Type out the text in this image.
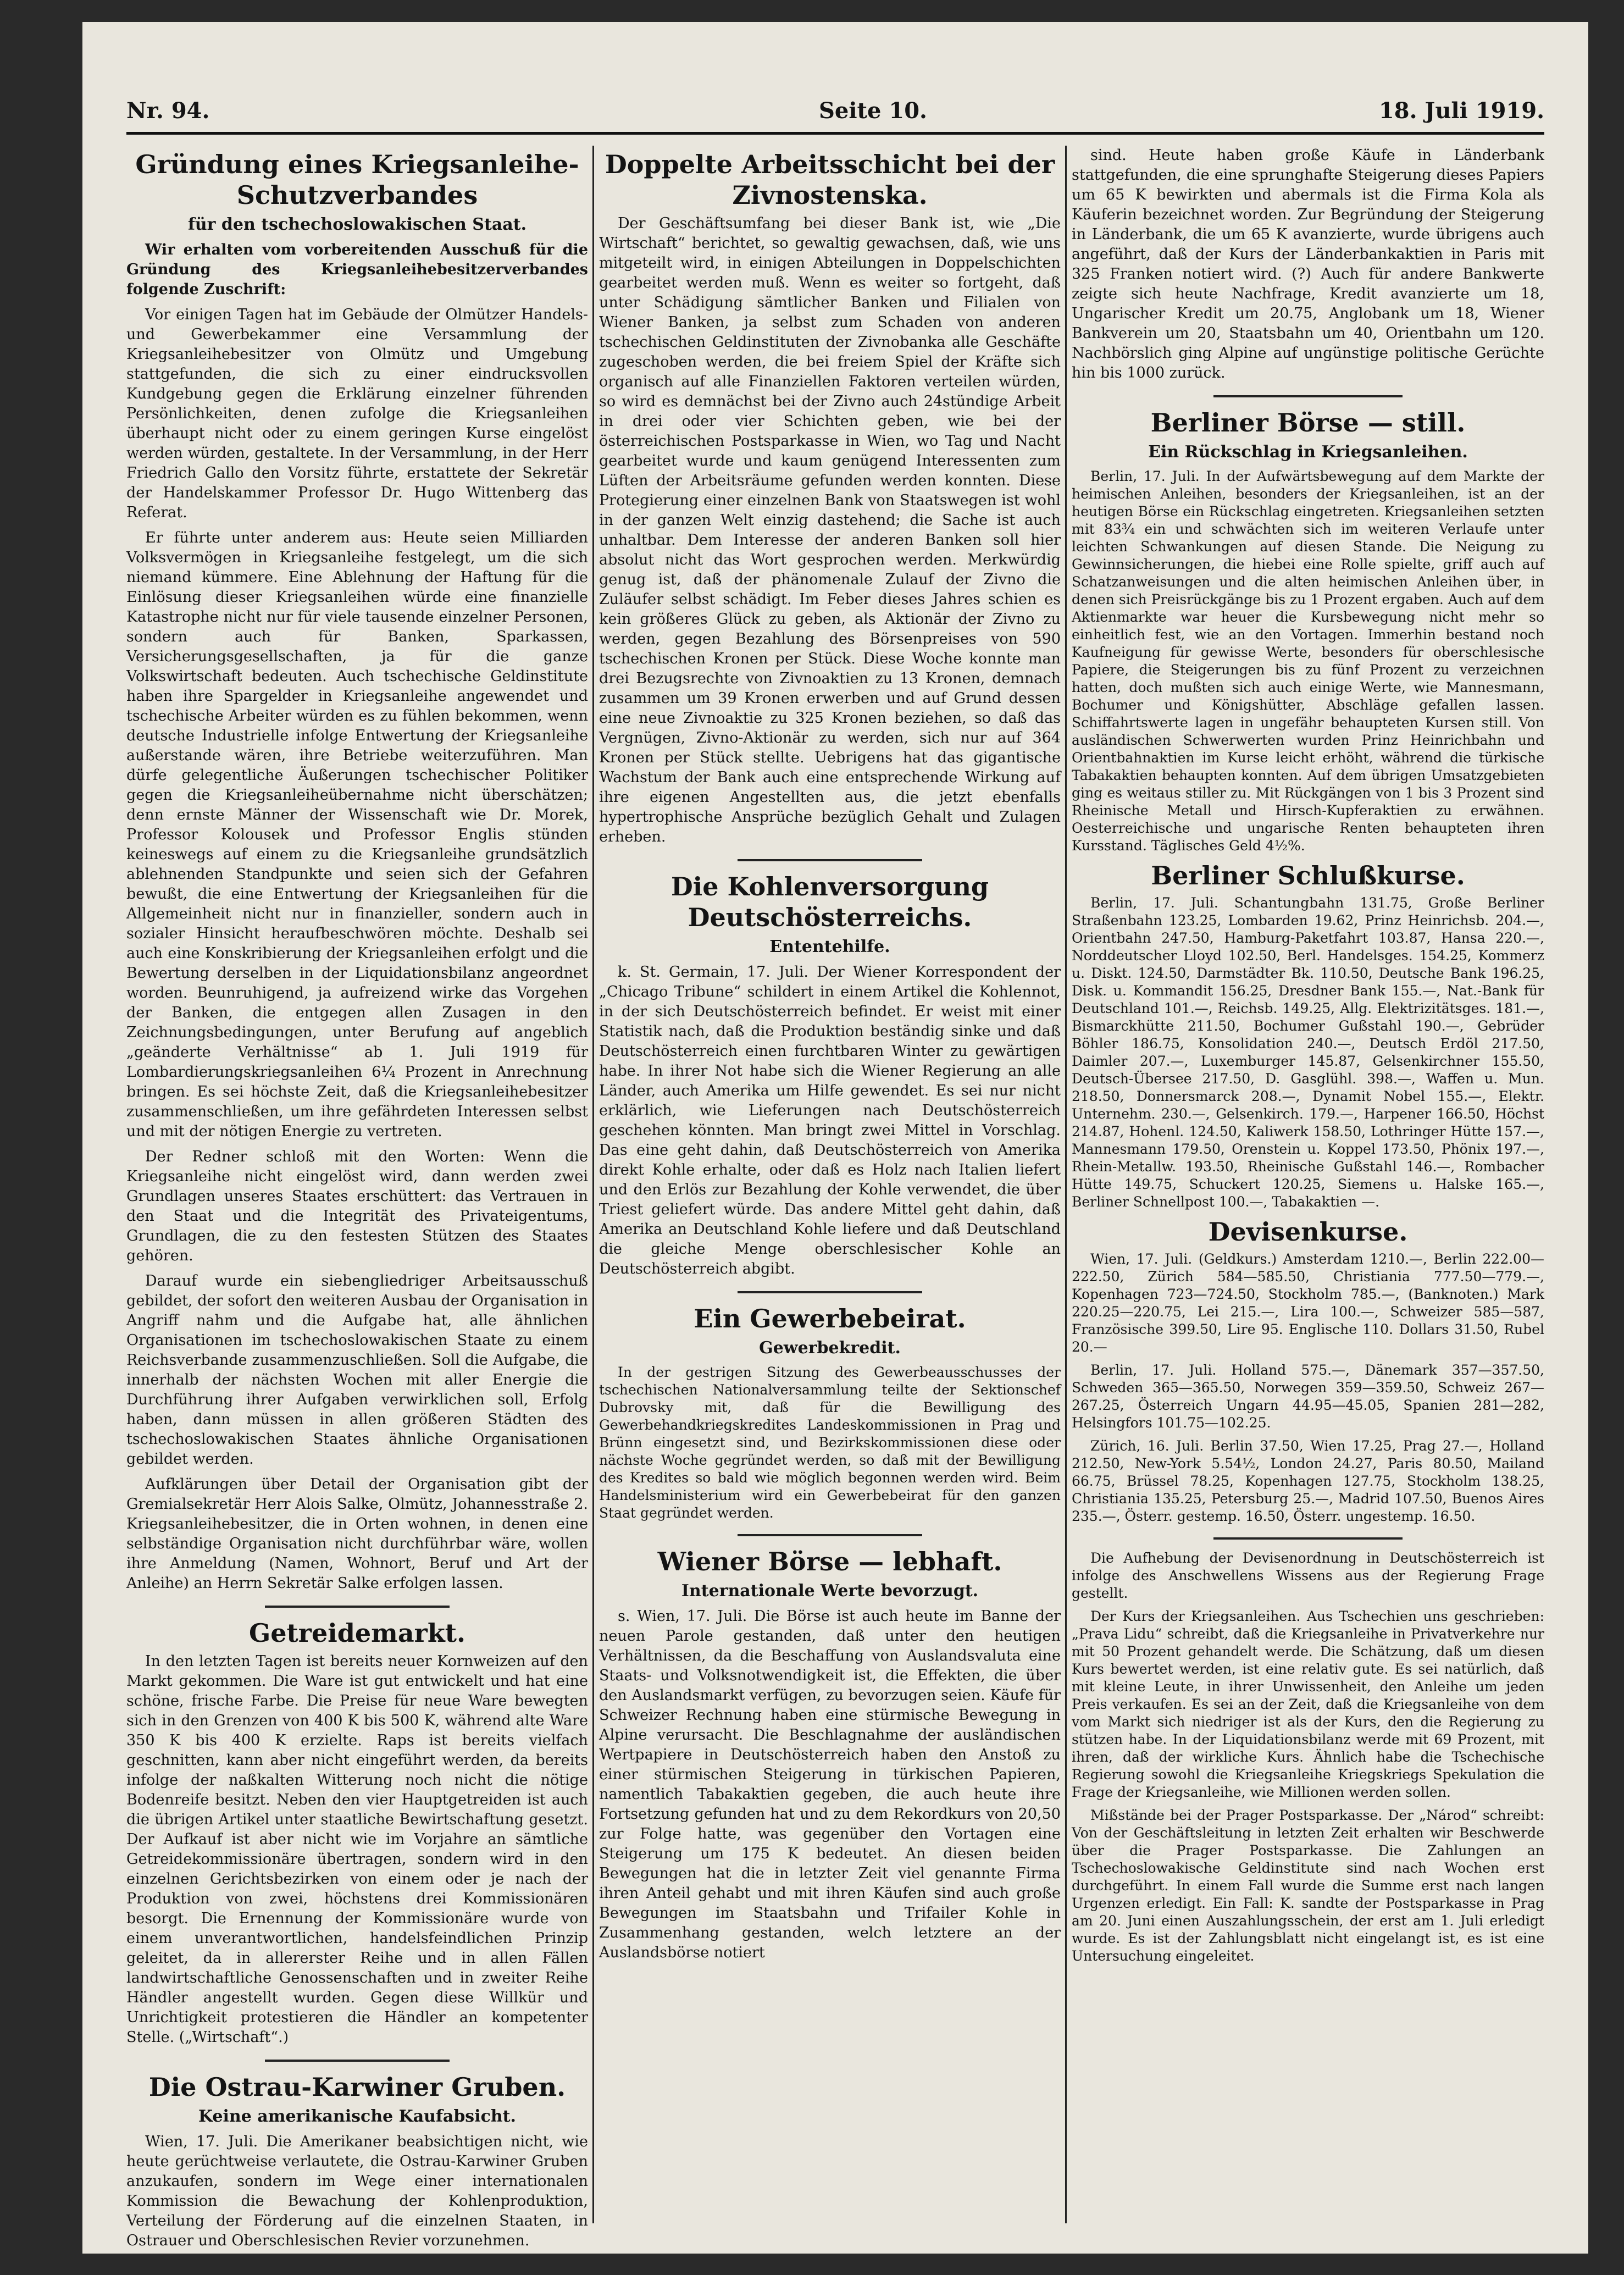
Nr. 94.	Seite 10.	18. Juli 1919.
Gründung eines Kriegsanleihe-Schutzverbandes
für den tschechoslowakischen Staat.

Wir erhalten vom vorbereitenden Ausschuß für die Gründung des Kriegsanleihebesitzerverbandes folgende Zuschrift:

Vor einigen Tagen hat im Gebäude der Olmützer Handels- und Gewerbekammer eine Versammlung der Kriegsanleihebesitzer von Olmütz und Umgebung stattgefunden, die sich zu einer eindrucksvollen Kundgebung gegen die Erklärung einzelner führenden Persönlichkeiten, denen zufolge die Kriegsanleihen überhaupt nicht oder zu einem geringen Kurse eingelöst werden würden, gestaltete. In der Versammlung, in der Herr Friedrich Gallo den Vorsitz führte, erstattete der Sekretär der Handelskammer Professor Dr. Hugo Wittenberg das Referat.

Er führte unter anderem aus: Heute seien Milliarden Volksvermögen in Kriegsanleihe festgelegt, um die sich niemand kümmere. Eine Ablehnung der Haftung für die Einlösung dieser Kriegsanleihen würde eine finanzielle Katastrophe nicht nur für viele tausende einzelner Personen, sondern auch für Banken, Sparkassen, Versicherungsgesellschaften, ja für die ganze Volkswirtschaft bedeuten. Auch tschechische Geldinstitute haben ihre Spargelder in Kriegsanleihe angewendet und tschechische Arbeiter würden es zu fühlen bekommen, wenn deutsche Industrielle infolge Entwertung der Kriegsanleihe außerstande wären, ihre Betriebe weiterzuführen. Man dürfe gelegentliche Äußerungen tschechischer Politiker gegen die Kriegsanleiheübernahme nicht überschätzen; denn ernste Männer der Wissenschaft wie Dr. Morek, Professor Kolousek und Professor Englis stünden keineswegs auf einem zu die Kriegsanleihe grundsätzlich ablehnenden Standpunkte und seien sich der Gefahren bewußt, die eine Entwertung der Kriegsanleihen für die Allgemeinheit nicht nur in finanzieller, sondern auch in sozialer Hinsicht heraufbeschwören möchte. Deshalb sei auch eine Konskribierung der Kriegsanleihen erfolgt und die Bewertung derselben in der Liquidationsbilanz angeordnet worden. Beunruhigend, ja aufreizend wirke das Vorgehen der Banken, die entgegen allen Zusagen in den Zeichnungsbedingungen, unter Berufung auf angeblich „geänderte Verhältnisse“ ab 1. Juli 1919 für Lombardierungskriegsanleihen 6¼ Prozent in Anrechnung bringen. Es sei höchste Zeit, daß die Kriegsanleihebesitzer zusammenschließen, um ihre gefährdeten Interessen selbst und mit der nötigen Energie zu vertreten.

Der Redner schloß mit den Worten: Wenn die Kriegsanleihe nicht eingelöst wird, dann werden zwei Grundlagen unseres Staates erschüttert: das Vertrauen in den Staat und die Integrität des Privateigentums, Grundlagen, die zu den festesten Stützen des Staates gehören.

Darauf wurde ein siebengliedriger Arbeitsausschuß gebildet, der sofort den weiteren Ausbau der Organisation in Angriff nahm und die Aufgabe hat, alle ähnlichen Organisationen im tschechoslowakischen Staate zu einem Reichsverbande zusammenzuschließen. Soll die Aufgabe, die innerhalb der nächsten Wochen mit aller Energie die Durchführung ihrer Aufgaben verwirklichen soll, Erfolg haben, dann müssen in allen größeren Städten des tschechoslowakischen Staates ähnliche Organisationen gebildet werden.

Aufklärungen über Detail der Organisation gibt der Gremialsekretär Herr Alois Salke, Olmütz, Johannesstraße 2. Kriegsanleihebesitzer, die in Orten wohnen, in denen eine selbständige Organisation nicht durchführbar wäre, wollen ihre Anmeldung (Namen, Wohnort, Beruf und Art der Anleihe) an Herrn Sekretär Salke erfolgen lassen.

Getreidemarkt.

In den letzten Tagen ist bereits neuer Kornweizen auf den Markt gekommen. Die Ware ist gut entwickelt und hat eine schöne, frische Farbe. Die Preise für neue Ware bewegten sich in den Grenzen von 400 K bis 500 K, während alte Ware 350 K bis 400 K erzielte. Raps ist bereits vielfach geschnitten, kann aber nicht eingeführt werden, da bereits infolge der naßkalten Witterung noch nicht die nötige Bodenreife besitzt. Neben den vier Hauptgetreiden ist auch die übrigen Artikel unter staatliche Bewirtschaftung gesetzt. Der Aufkauf ist aber nicht wie im Vorjahre an sämtliche Getreidekommissionäre übertragen, sondern wird in den einzelnen Gerichtsbezirken von einem oder je nach der Produktion von zwei, höchstens drei Kommissionären besorgt. Die Ernennung der Kommissionäre wurde von einem unverantwortlichen, handelsfeindlichen Prinzip geleitet, da in allererster Reihe und in allen Fällen landwirtschaftliche Genossenschaften und in zweiter Reihe Händler angestellt wurden. Gegen diese Willkür und Unrichtigkeit protestieren die Händler an kompetenter Stelle. („Wirtschaft“.)

Die Ostrau-Karwiner Gruben.
Keine amerikanische Kaufabsicht.

Wien, 17. Juli. Die Amerikaner beabsichtigen nicht, wie heute gerüchtweise verlautete, die Ostrau-Karwiner Gruben anzukaufen, sondern im Wege einer internationalen Kommission die Bewachung der Kohlenproduktion, Verteilung der Förderung auf die einzelnen Staaten, in Ostrauer und Oberschlesischen Revier vorzunehmen.

Doppelte Arbeitsschicht bei der Zivnostenska.

Der Geschäftsumfang bei dieser Bank ist, wie „Die Wirtschaft“ berichtet, so gewaltig gewachsen, daß, wie uns mitgeteilt wird, in einigen Abteilungen in Doppelschichten gearbeitet werden muß. Wenn es weiter so fortgeht, daß unter Schädigung sämtlicher Banken und Filialen von Wiener Banken, ja selbst zum Schaden von anderen tschechischen Geldinstituten der Zivnobanka alle Geschäfte zugeschoben werden, die bei freiem Spiel der Kräfte sich organisch auf alle Finanziellen Faktoren verteilen würden, so wird es demnächst bei der Zivno auch 24stündige Arbeit in drei oder vier Schichten geben, wie bei der österreichischen Postsparkasse in Wien, wo Tag und Nacht gearbeitet wurde und kaum genügend Interessenten zum Lüften der Arbeitsräume gefunden werden konnten. Diese Protegierung einer einzelnen Bank von Staatswegen ist wohl in der ganzen Welt einzig dastehend; die Sache ist auch unhaltbar. Dem Interesse der anderen Banken soll hier absolut nicht das Wort gesprochen werden. Merkwürdig genug ist, daß der phänomenale Zulauf der Zivno die Zuläufer selbst schädigt. Im Feber dieses Jahres schien es kein größeres Glück zu geben, als Aktionär der Zivno zu werden, gegen Bezahlung des Börsenpreises von 590 tschechischen Kronen per Stück. Diese Woche konnte man drei Bezugsrechte von Zivnoaktien zu 13 Kronen, demnach zusammen um 39 Kronen erwerben und auf Grund dessen eine neue Zivnoaktie zu 325 Kronen beziehen, so daß das Vergnügen, Zivno-Aktionär zu werden, sich nur auf 364 Kronen per Stück stellte. Uebrigens hat das gigantische Wachstum der Bank auch eine entsprechende Wirkung auf ihre eigenen Angestellten aus, die jetzt ebenfalls hypertrophische Ansprüche bezüglich Gehalt und Zulagen erheben.

Die Kohlenversorgung Deutschösterreichs.
Ententehilfe.

k. St. Germain, 17. Juli. Der Wiener Korrespondent der „Chicago Tribune“ schildert in einem Artikel die Kohlennot, in der sich Deutschösterreich befindet. Er weist mit einer Statistik nach, daß die Produktion beständig sinke und daß Deutschösterreich einen furchtbaren Winter zu gewärtigen habe. In ihrer Not habe sich die Wiener Regierung an alle Länder, auch Amerika um Hilfe gewendet. Es sei nur nicht erklärlich, wie Lieferungen nach Deutschösterreich geschehen könnten. Man bringt zwei Mittel in Vorschlag. Das eine geht dahin, daß Deutschösterreich von Amerika direkt Kohle erhalte, oder daß es Holz nach Italien liefert und den Erlös zur Bezahlung der Kohle verwendet, die über Triest geliefert würde. Das andere Mittel geht dahin, daß Amerika an Deutschland Kohle liefere und daß Deutschland die gleiche Menge oberschlesischer Kohle an Deutschösterreich abgibt.

Ein Gewerbebeirat.
Gewerbekredit.

In der gestrigen Sitzung des Gewerbeausschusses der tschechischen Nationalversammlung teilte der Sektionschef Dubrovsky mit, daß für die Bewilligung des Gewerbehandkriegskredites Landeskommissionen in Prag und Brünn eingesetzt sind, und Bezirkskommissionen diese oder nächste Woche gegründet werden, so daß mit der Bewilligung des Kredites so bald wie möglich begonnen werden wird. Beim Handelsministerium wird ein Gewerbebeirat für den ganzen Staat gegründet werden.

Wiener Börse — lebhaft.
Internationale Werte bevorzugt.

s. Wien, 17. Juli. Die Börse ist auch heute im Banne der neuen Parole gestanden, daß unter den heutigen Verhältnissen, da die Beschaffung von Auslandsvaluta eine Staats- und Volksnotwendigkeit ist, die Effekten, die über den Auslandsmarkt verfügen, zu bevorzugen seien. Käufe für Schweizer Rechnung haben eine stürmische Bewegung in Alpine verursacht. Die Beschlagnahme der ausländischen Wertpapiere in Deutschösterreich haben den Anstoß zu einer stürmischen Steigerung in türkischen Papieren, namentlich Tabakaktien gegeben, die auch heute ihre Fortsetzung gefunden hat und zu dem Rekordkurs von 20,50 zur Folge hatte, was gegenüber den Vortagen eine Steigerung um 175 K bedeutet. An diesen beiden Bewegungen hat die in letzter Zeit viel genannte Firma ihren Anteil gehabt und mit ihren Käufen sind auch große Bewegungen im Staatsbahn und Trifailer Kohle in Zusammenhang gestanden, welch letztere an der Auslandsbörse notiert

sind. Heute haben große Käufe in Länderbank stattgefunden, die eine sprunghafte Steigerung dieses Papiers um 65 K bewirkten und abermals ist die Firma Kola als Käuferin bezeichnet worden. Zur Begründung der Steigerung in Länderbank, die um 65 K avanzierte, wurde übrigens auch angeführt, daß der Kurs der Länderbankaktien in Paris mit 325 Franken notiert wird. (?) Auch für andere Bankwerte zeigte sich heute Nachfrage, Kredit avanzierte um 18, Ungarischer Kredit um 20.75, Anglobank um 18, Wiener Bankverein um 20, Staatsbahn um 40, Orientbahn um 120. Nachbörslich ging Alpine auf ungünstige politische Gerüchte hin bis 1000 zurück.

Berliner Börse — still.
Ein Rückschlag in Kriegsanleihen.

Berlin, 17. Juli. In der Aufwärtsbewegung auf dem Markte der heimischen Anleihen, besonders der Kriegsanleihen, ist an der heutigen Börse ein Rückschlag eingetreten. Kriegsanleihen setzten mit 83¾ ein und schwächten sich im weiteren Verlaufe unter leichten Schwankungen auf diesen Stande. Die Neigung zu Gewinnsicherungen, die hiebei eine Rolle spielte, griff auch auf Schatzanweisungen und die alten heimischen Anleihen über, in denen sich Preisrückgänge bis zu 1 Prozent ergaben. Auch auf dem Aktienmarkte war heuer die Kursbewegung nicht mehr so einheitlich fest, wie an den Vortagen. Immerhin bestand noch Kaufneigung für gewisse Werte, besonders für oberschlesische Papiere, die Steigerungen bis zu fünf Prozent zu verzeichnen hatten, doch mußten sich auch einige Werte, wie Mannesmann, Bochumer und Königshütter, Abschläge gefallen lassen. Schiffahrtswerte lagen in ungefähr behaupteten Kursen still. Von ausländischen Schwerwerten wurden Prinz Heinrichbahn und Orientbahnaktien im Kurse leicht erhöht, während die türkische Tabakaktien behaupten konnten. Auf dem übrigen Umsatzgebieten ging es weitaus stiller zu. Mit Rückgängen von 1 bis 3 Prozent sind Rheinische Metall und Hirsch-Kupferaktien zu erwähnen. Oesterreichische und ungarische Renten behaupteten ihren Kursstand. Täglisches Geld 4½%.

Berliner Schlußkurse.

Berlin, 17. Juli. Schantungbahn 131.75, Große Berliner Straßenbahn 123.25, Lombarden 19.62, Prinz Heinrichsb. 204.—, Orientbahn 247.50, Hamburg-Paketfahrt 103.87, Hansa 220.—, Norddeutscher Lloyd 102.50, Berl. Handelsges. 154.25, Kommerz u. Diskt. 124.50, Darmstädter Bk. 110.50, Deutsche Bank 196.25, Disk. u. Kommandit 156.25, Dresdner Bank 155.—, Nat.-Bank für Deutschland 101.—, Reichsb. 149.25, Allg. Elektrizitätsges. 181.—, Bismarckhütte 211.50, Bochumer Gußstahl 190.—, Gebrüder Böhler 186.75, Konsolidation 240.—, Deutsch Erdöl 217.50, Daimler 207.—, Luxemburger 145.87, Gelsenkirchner 155.50, Deutsch-Übersee 217.50, D. Gasglühl. 398.—, Waffen u. Mun. 218.50, Donnersmarck 208.—, Dynamit Nobel 155.—, Elektr. Unternehm. 230.—, Gelsenkirch. 179.—, Harpener 166.50, Höchst 214.87, Hohenl. 124.50, Kaliwerk 158.50, Lothringer Hütte 157.—, Mannesmann 179.50, Orenstein u. Koppel 173.50, Phönix 197.—, Rhein-Metallw. 193.50, Rheinische Gußstahl 146.—, Rombacher Hütte 149.75, Schuckert 120.25, Siemens u. Halske 165.—, Berliner Schnellpost 100.—, Tabakaktien —.

Devisenkurse.

Wien, 17. Juli. (Geldkurs.) Amsterdam 1210.—, Berlin 222.00—222.50, Zürich 584—585.50, Christiania 777.50—779.—, Kopenhagen 723—724.50, Stockholm 785.—, (Banknoten.) Mark 220.25—220.75, Lei 215.—, Lira 100.—, Schweizer 585—587, Französische 399.50, Lire 95. Englische 110. Dollars 31.50, Rubel 20.—

Berlin, 17. Juli. Holland 575.—, Dänemark 357—357.50, Schweden 365—365.50, Norwegen 359—359.50, Schweiz 267—267.25, Österreich Ungarn 44.95—45.05, Spanien 281—282, Helsingfors 101.75—102.25.

Zürich, 16. Juli. Berlin 37.50, Wien 17.25, Prag 27.—, Holland 212.50, New-York 5.54½, London 24.27, Paris 80.50, Mailand 66.75, Brüssel 78.25, Kopenhagen 127.75, Stockholm 138.25, Christiania 135.25, Petersburg 25.—, Madrid 107.50, Buenos Aires 235.—, Österr. gestemp. 16.50, Österr. ungestemp. 16.50.

Die Aufhebung der Devisenordnung in Deutschösterreich ist infolge des Anschwellens Wissens aus der Regierung Frage gestellt.

Der Kurs der Kriegsanleihen. Aus Tschechien uns geschrieben: „Prava Lidu“ schreibt, daß die Kriegsanleihe in Privatverkehre nur mit 50 Prozent gehandelt werde. Die Schätzung, daß um diesen Kurs bewertet werden, ist eine relativ gute. Es sei natürlich, daß mit kleine Leute, in ihrer Unwissenheit, den Anleihe um jeden Preis verkaufen. Es sei an der Zeit, daß die Kriegsanleihe von dem vom Markt sich niedriger ist als der Kurs, den die Regierung zu stützen habe. In der Liquidationsbilanz werde mit 69 Prozent, mit ihren, daß der wirkliche Kurs. Ähnlich habe die Tschechische Regierung sowohl die Kriegsanleihe Kriegskriegs Spekulation die Frage der Kriegsanleihe, wie Millionen werden sollen.

Mißstände bei der Prager Postsparkasse. Der „Národ“ schreibt: Von der Geschäftsleitung in letzten Zeit erhalten wir Beschwerde über die Prager Postsparkasse. Die Zahlungen an Tschechoslowakische Geldinstitute sind nach Wochen erst durchgeführt. In einem Fall wurde die Summe erst nach langen Urgenzen erledigt. Ein Fall: K. sandte der Postsparkasse in Prag am 20. Juni einen Auszahlungsschein, der erst am 1. Juli erledigt wurde. Es ist der Zahlungsblatt nicht eingelangt ist, es ist eine Untersuchung eingeleitet.
